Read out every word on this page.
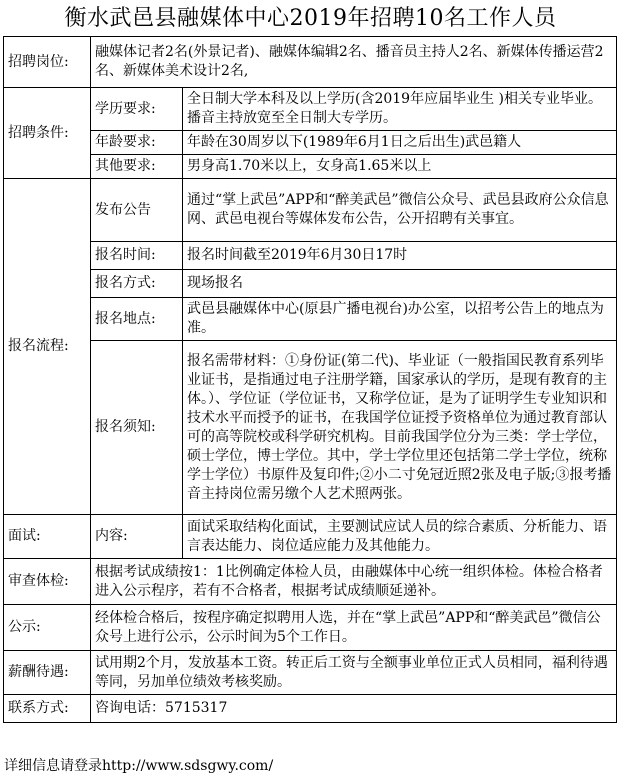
衡水武邑县融媒体中心2019年招聘10名工作人员
招聘岗位:	融媒体记者2名(外景记者)、融媒体编辑2名、播音员主持人2名、新媒体传播运营2名、新媒体美术设计2名,	
招聘条件:	学历要求:	全日制大学本科及以上学历(含2019年应届毕业生 )相关专业毕业。播音主持放宽至全日制大专学历。
	年龄要求:	年龄在30周岁以下(1989年6月1日之后出生)武邑籍人
	其他要求:	男身高1.70米以上，女身高1.65米以上
报名流程:	发布公告	通过“掌上武邑”APP和“醉美武邑”微信公众号、武邑县政府公众信息网、武邑电视台等媒体发布公告，公开招聘有关事宜。
	报名时间:	报名时间截至2019年6月30日17时
	报名方式:	现场报名
	报名地点:	武邑县融媒体中心(原县广播电视台)办公室，以招考公告上的地点为准。
	报名须知:	报名需带材料：①身份证(第二代)、毕业证（一般指国民教育系列毕业证书，是指通过电子注册学籍，国家承认的学历，是现有教育的主体。）、学位证（学位证书，又称学位证，是为了证明学生专业知识和技术水平而授予的证书，在我国学位证授予资格单位为通过教育部认可的高等院校或科学研究机构。目前我国学位分为三类：学士学位，硕士学位，博士学位。其中，学士学位里还包括第二学士学位，统称学士学位）书原件及复印件;②小二寸免冠近照2张及电子版;③报考播音主持岗位需另缴个人艺术照两张。
面试:	内容:	面试采取结构化面试，主要测试应试人员的综合素质、分析能力、语言表达能力、岗位适应能力及其他能力。
审查体检:	根据考试成绩按1：1比例确定体检人员，由融媒体中心统一组织体检。体检合格者进入公示程序，若有不合格者，根据考试成绩顺延递补。	
公示:	经体检合格后，按程序确定拟聘用人选，并在“掌上武邑”APP和“醉美武邑”微信公众号上进行公示，公示时间为5个工作日。	
薪酬待遇:	试用期2个月，发放基本工资。转正后工资与全额事业单位正式人员相同，福利待遇等同，另加单位绩效考核奖励。	
联系方式:	咨询电话：5715317	
详细信息请登录http://www.sdsgwy.com/
